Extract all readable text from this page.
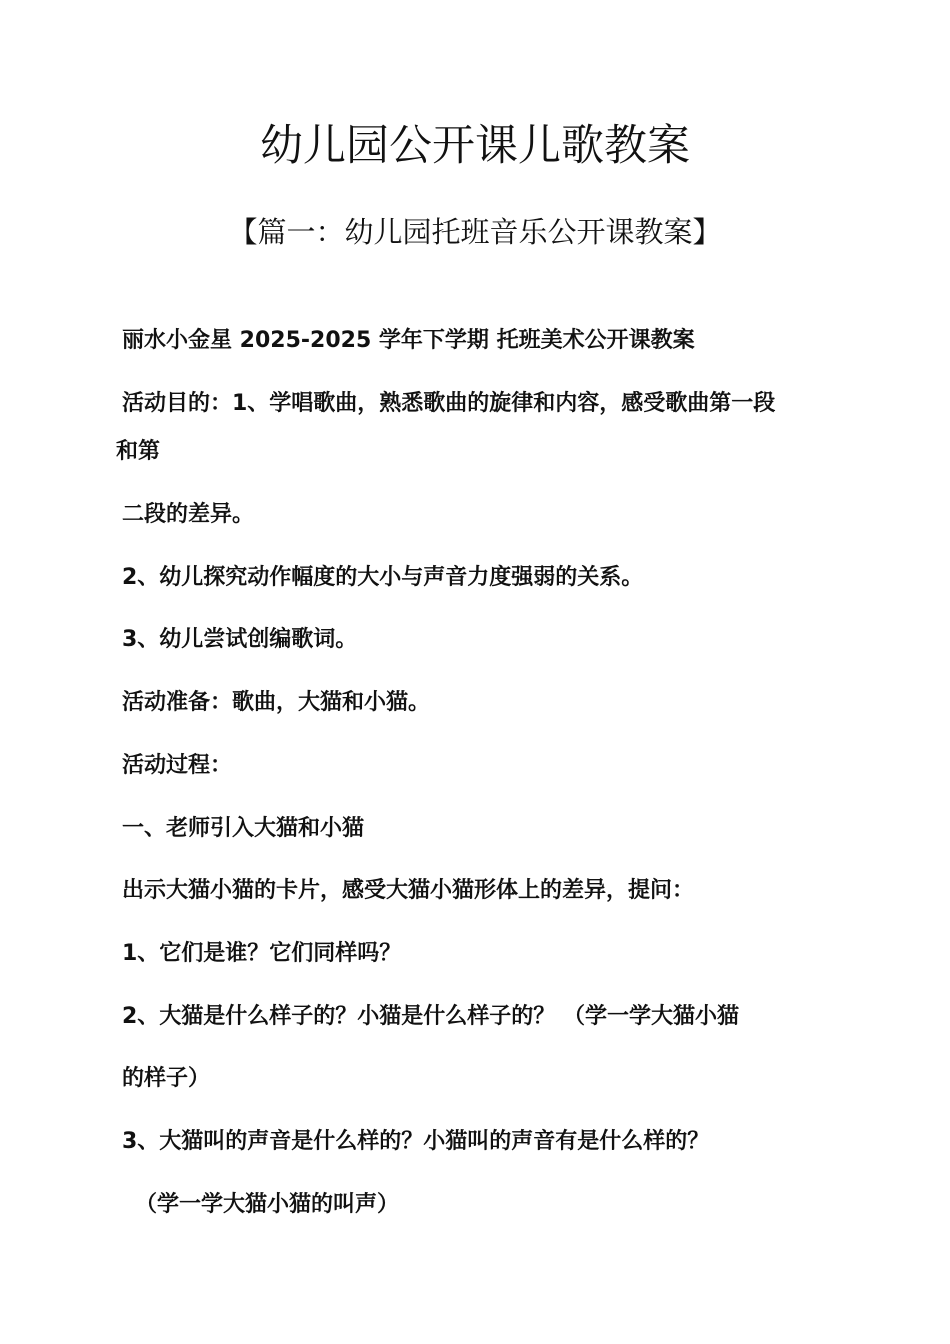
幼儿园公开课儿歌教案
【篇一：幼儿园托班音乐公开课教案】

丽水小金星 2025-2025 学年下学期 托班美术公开课教案

活动目的：1、学唱歌曲，熟悉歌曲的旋律和内容，感受歌曲第一段

和第

二段的差异。

2、幼儿探究动作幅度的大小与声音力度强弱的关系。

3、幼儿尝试创编歌词。

活动准备：歌曲，大猫和小猫。

活动过程：

一、老师引入大猫和小猫

出示大猫小猫的卡片，感受大猫小猫形体上的差异，提问：

1、它们是谁？它们同样吗？

2、大猫是什么样子的？小猫是什么样子的？ （学一学大猫小猫

的样子）

3、大猫叫的声音是什么样的？小猫叫的声音有是什么样的？

（学一学大猫小猫的叫声）
